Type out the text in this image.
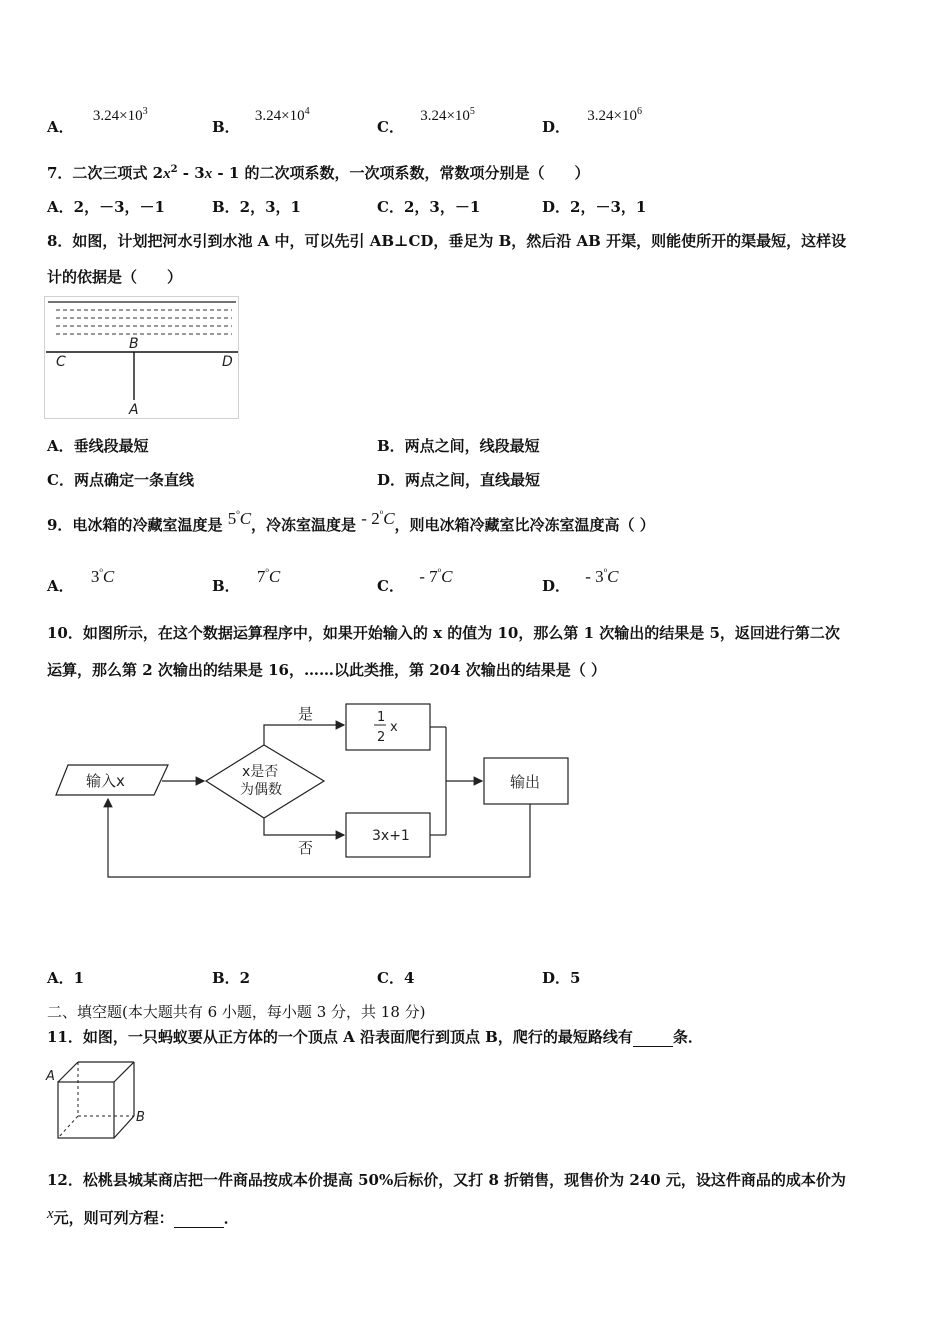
A． $3.24\times 10^3$
B． $3.24\times 10^4$
C． $3.24\times 10^5$
D． $3.24\times 10^6$
7．二次三项式 $2x^2 - 3x - 1$ 的二次项系数，一次项系数，常数项分别是（　　）
A．2，－3，－1	B．2，3，1	C．2，3，－1	D．2，－3，1
8．如图，计划把河水引到水池 A 中，可以先引 AB⊥CD，垂足为 B，然后沿 AB 开渠，则能使所开的渠最短，这样设
计的依据是（　　）
C
B
D
A
A．垂线段最短	B．两点之间，线段最短
C．两点确定一条直线	D．两点之间，直线最短
9．电冰箱的冷藏室温度是 5$^o$C，冷冻室温度是 - 2$^o$C，则电冰箱冷藏室比冷冻室温度高（ ）
A． 3$^o$C	B． 7$^o$C	C． - 7$^o$C	D． - 3$^o$C
10．如图所示，在这个数据运算程序中，如果开始输入的 x 的值为 10，那么第 1 次输出的结果是 5，返回进行第二次
运算，那么第 2 次输出的结果是 16，……以此类推，第 204 次输出的结果是（ ）
输入x	x是否
为偶数
是
否
1
2
x
3x+1
输出
A．1	B．2	C．4	D．5
二、填空题(本大题共有 6 小题，每小题 3 分，共 18 分)
11．如图，一只蚂蚁要从正方体的一个顶点 A 沿表面爬行到顶点 B，爬行的最短路线有	条．
A
B
12．松桃县城某商店把一件商品按成本价提高 50%后标价，又打 8 折销售，现售价为 240 元，设这件商品的成本价为
x元，则可列方程：	．
